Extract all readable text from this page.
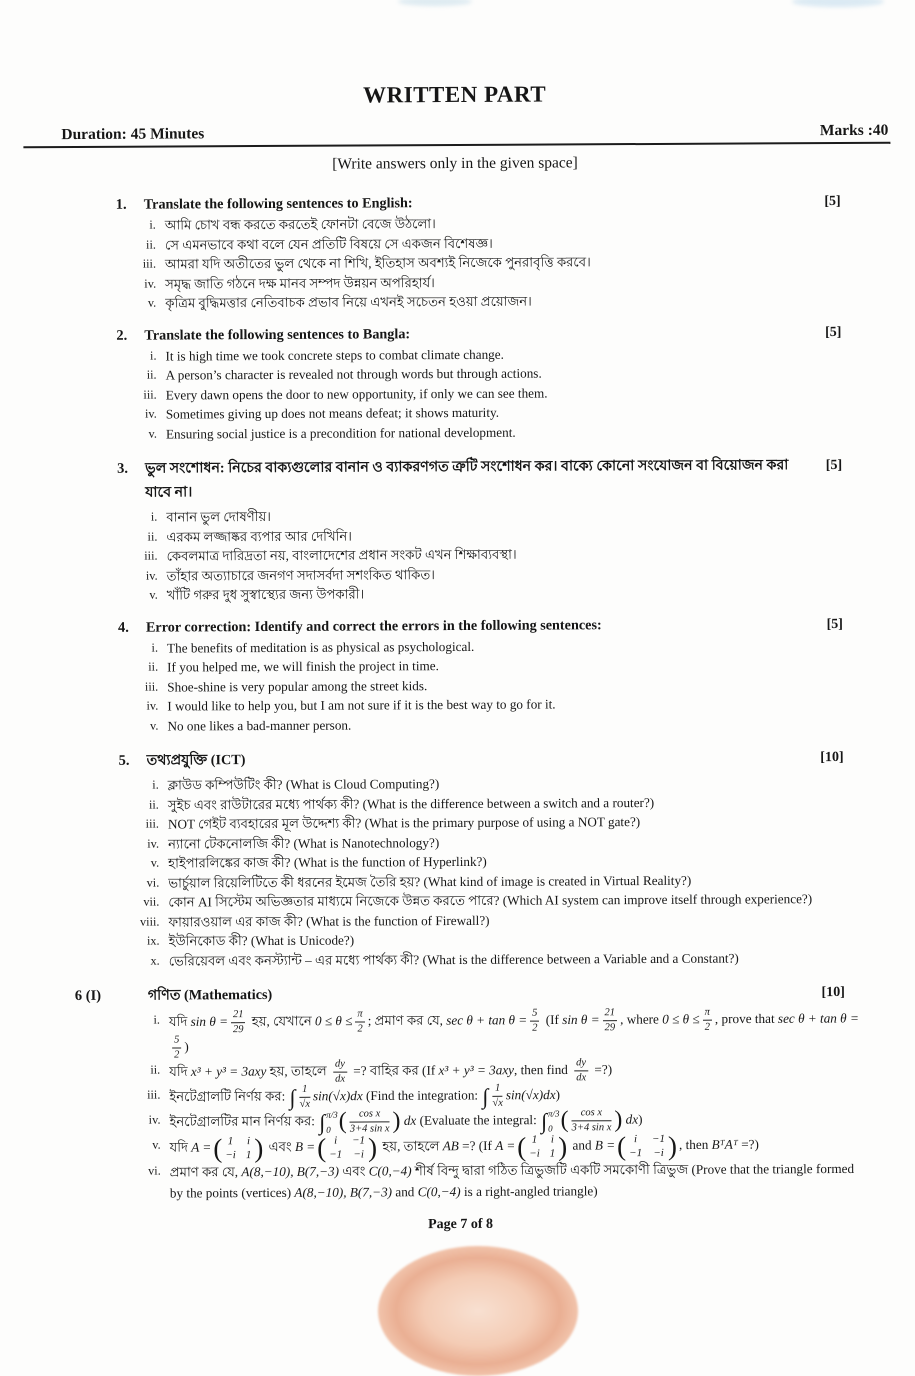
WRITTEN PART
Duration: 45 Minutes	Marks :40
[Write answers only in the given space]
1.	Translate the following sentences to English:	[5]
i. আমি চোখ বন্ধ করতে করতেই ফোনটা বেজে উঠলো।
ii. সে এমনভাবে কথা বলে যেন প্রতিটি বিষয়ে সে একজন বিশেষজ্ঞ।
iii. আমরা যদি অতীতের ভুল থেকে না শিখি, ইতিহাস অবশ্যই নিজেকে পুনরাবৃত্তি করবে।
iv. সমৃদ্ধ জাতি গঠনে দক্ষ মানব সম্পদ উন্নয়ন অপরিহার্য।
v. কৃত্রিম বুদ্ধিমত্তার নেতিবাচক প্রভাব নিয়ে এখনই সচেতন হওয়া প্রয়োজন।
2.	Translate the following sentences to Bangla:	[5]
i. It is high time we took concrete steps to combat climate change.
ii. A person’s character is revealed not through words but through actions.
iii. Every dawn opens the door to new opportunity, if only we can see them.
iv. Sometimes giving up does not means defeat; it shows maturity.
v. Ensuring social justice is a precondition for national development.
3.	ভুল সংশোধন: নিচের বাক্যগুলোর বানান ও ব্যাকরণগত ত্রুটি সংশোধন কর। বাক্যে কোনো সংযোজন বা বিয়োজন করা যাবে না।
[5]
i. বানান ভুল দোষণীয়।
ii. এরকম লজ্জাষ্কর ব্যপার আর দেখিনি।
iii. কেবলমাত্র দারিদ্রতা নয়, বাংলাদেশের প্রধান সংকট এখন শিক্ষাব্যবস্থা।
iv. তাঁহার অত্যাচারে জনগণ সদাসর্বদা সশংকিত থাকিত।
v. খাঁটি গরুর দুধ সুস্বাস্থ্যের জন্য উপকারী।
4.	Error correction: Identify and correct the errors in the following sentences:	[5]
i. The benefits of meditation is as physical as psychological.
ii. If you helped me, we will finish the project in time.
iii. Shoe-shine is very popular among the street kids.
iv. I would like to help you, but I am not sure if it is the best way to go for it.
v. No one likes a bad-manner person.
5.	তথ্যপ্রযুক্তি (ICT)	[10]
i. ক্লাউড কম্পিউটিং কী? (What is Cloud Computing?)
ii. সুইচ এবং রাউটারের মধ্যে পার্থক্য কী? (What is the difference between a switch and a router?)
iii. NOT গেইট ব্যবহারের মূল উদ্দেশ্য কী? (What is the primary purpose of using a NOT gate?)
iv. ন্যানো টেকনোলজি কী? (What is Nanotechnology?)
v. হাইপারলিঙ্কের কাজ কী? (What is the function of Hyperlink?)
vi. ভার্চুয়াল রিয়েলিটিতে কী ধরনের ইমেজ তৈরি হয়? (What kind of image is created in Virtual Reality?)
vii. কোন AI সিস্টেম অভিজ্ঞতার মাধ্যমে নিজেকে উন্নত করতে পারে? (Which AI system can improve itself through experience?)
viii. ফায়ারওয়াল এর কাজ কী? (What is the function of Firewall?)
ix. ইউনিকোড কী? (What is Unicode?)
x. ভেরিয়েবল এবং কনস্ট্যান্ট – এর মধ্যে পার্থক্য কী? (What is the difference between a Variable and a Constant?)
6 (I)	গণিত (Mathematics)	[10]
i. যদি $\sin \theta = \frac{21}{29}$ হয়, যেখানে $0 \le \theta \le \frac{\pi}{2}$ ; প্রমাণ কর যে, $\sec \theta + \tan \theta = \frac{5}{2} (If$ $\sin \theta = \frac{21}{29}$ , where $0 \le \theta \le \frac{\pi}{2}$ , prove that sec θ + tan θ =
$\frac{5}{2}$ )
ii. যদি x³ + y³ = 3axy হয়, তাহলে $\frac{dy}{dx}$ =? বাহির কর (If x³ + y³ = 3axy, then find $\frac{dy}{dx}$ =?)
iii. ইনটেগ্রালটি নির্ণয় কর: ∫ $\frac{1}{√x} \sin(√x)dx$ (Find the integration: ∫ $\frac{1}{√x} \sin(√x)dx$)
iv. ইনটেগ্রালটির মান নির্ণয় কর: ∫ π/3
0 ( $\frac{\text{cos x}}{\text{3+4 sin x}}$ ) dx (Evaluate the integral: ∫ π/3
0 ( $\frac{\text{cos x}}{\text{3+4 sin x}}$ ) dx)
v. যদি A = ( 1 i
−i 1 ) এবং B = ( i	−1
−1 −i ) হয়, তাহলে AB =? (If A = ( 1 i
−i 1 ) and B = ( i	−1
−1 −i ) , then BᵀAᵀ =?)
vi. প্রমাণ কর যে, A(8,−10), B(7,−3) এবং C(0,−4) শীর্ষ বিন্দু দ্বারা গঠিত ত্রিভুজটি একটি সমকোণী ত্রিভুজ (Prove that the triangle formed by the points (vertices) A(8,−10), B(7,−3) and C(0,−4) is a right-angled triangle)
Page 7 of 8
